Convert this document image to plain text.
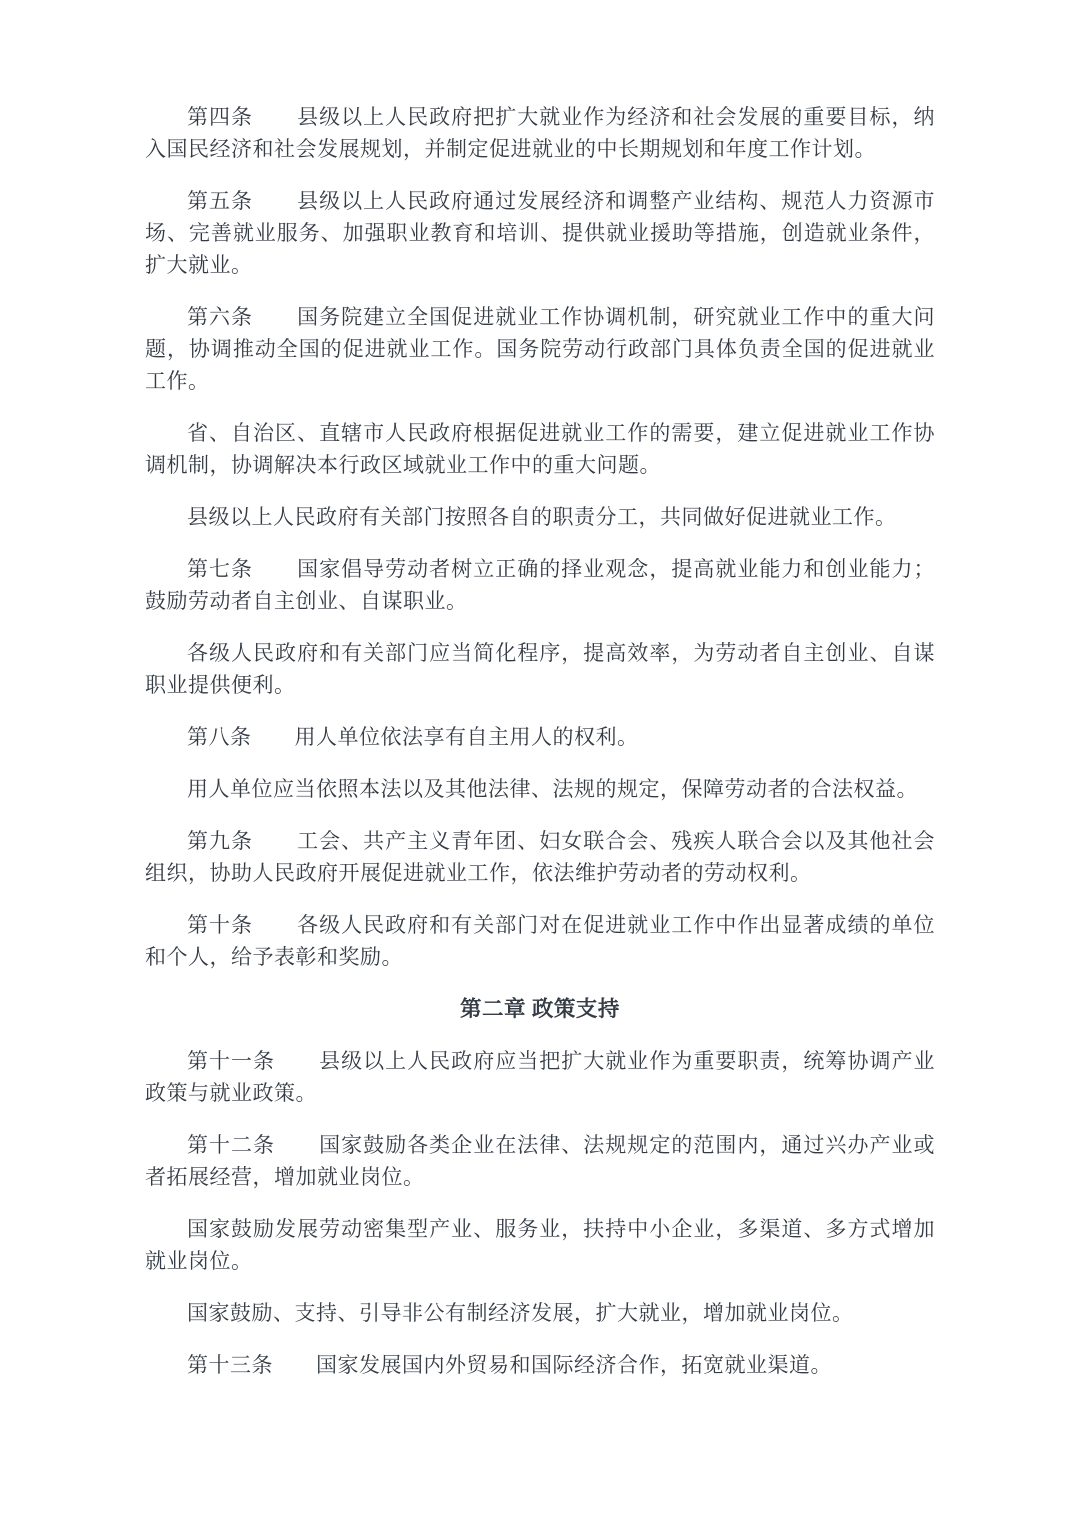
第四条　　县级以上人民政府把扩大就业作为经济和社会发展的重要目标，纳入国民经济和社会发展规划，并制定促进就业的中长期规划和年度工作计划。

第五条　　县级以上人民政府通过发展经济和调整产业结构、规范人力资源市场、完善就业服务、加强职业教育和培训、提供就业援助等措施，创造就业条件，扩大就业。

第六条　　国务院建立全国促进就业工作协调机制，研究就业工作中的重大问题，协调推动全国的促进就业工作。国务院劳动行政部门具体负责全国的促进就业工作。

省、自治区、直辖市人民政府根据促进就业工作的需要，建立促进就业工作协调机制，协调解决本行政区域就业工作中的重大问题。

县级以上人民政府有关部门按照各自的职责分工，共同做好促进就业工作。

第七条　　国家倡导劳动者树立正确的择业观念，提高就业能力和创业能力；鼓励劳动者自主创业、自谋职业。

各级人民政府和有关部门应当简化程序，提高效率，为劳动者自主创业、自谋职业提供便利。

第八条　　用人单位依法享有自主用人的权利。

用人单位应当依照本法以及其他法律、法规的规定，保障劳动者的合法权益。

第九条　　工会、共产主义青年团、妇女联合会、残疾人联合会以及其他社会组织，协助人民政府开展促进就业工作，依法维护劳动者的劳动权利。

第十条　　各级人民政府和有关部门对在促进就业工作中作出显著成绩的单位和个人，给予表彰和奖励。

第二章 政策支持

第十一条　　县级以上人民政府应当把扩大就业作为重要职责，统筹协调产业政策与就业政策。

第十二条　　国家鼓励各类企业在法律、法规规定的范围内，通过兴办产业或者拓展经营，增加就业岗位。

国家鼓励发展劳动密集型产业、服务业，扶持中小企业，多渠道、多方式增加就业岗位。

国家鼓励、支持、引导非公有制经济发展，扩大就业，增加就业岗位。

第十三条　　国家发展国内外贸易和国际经济合作，拓宽就业渠道。
